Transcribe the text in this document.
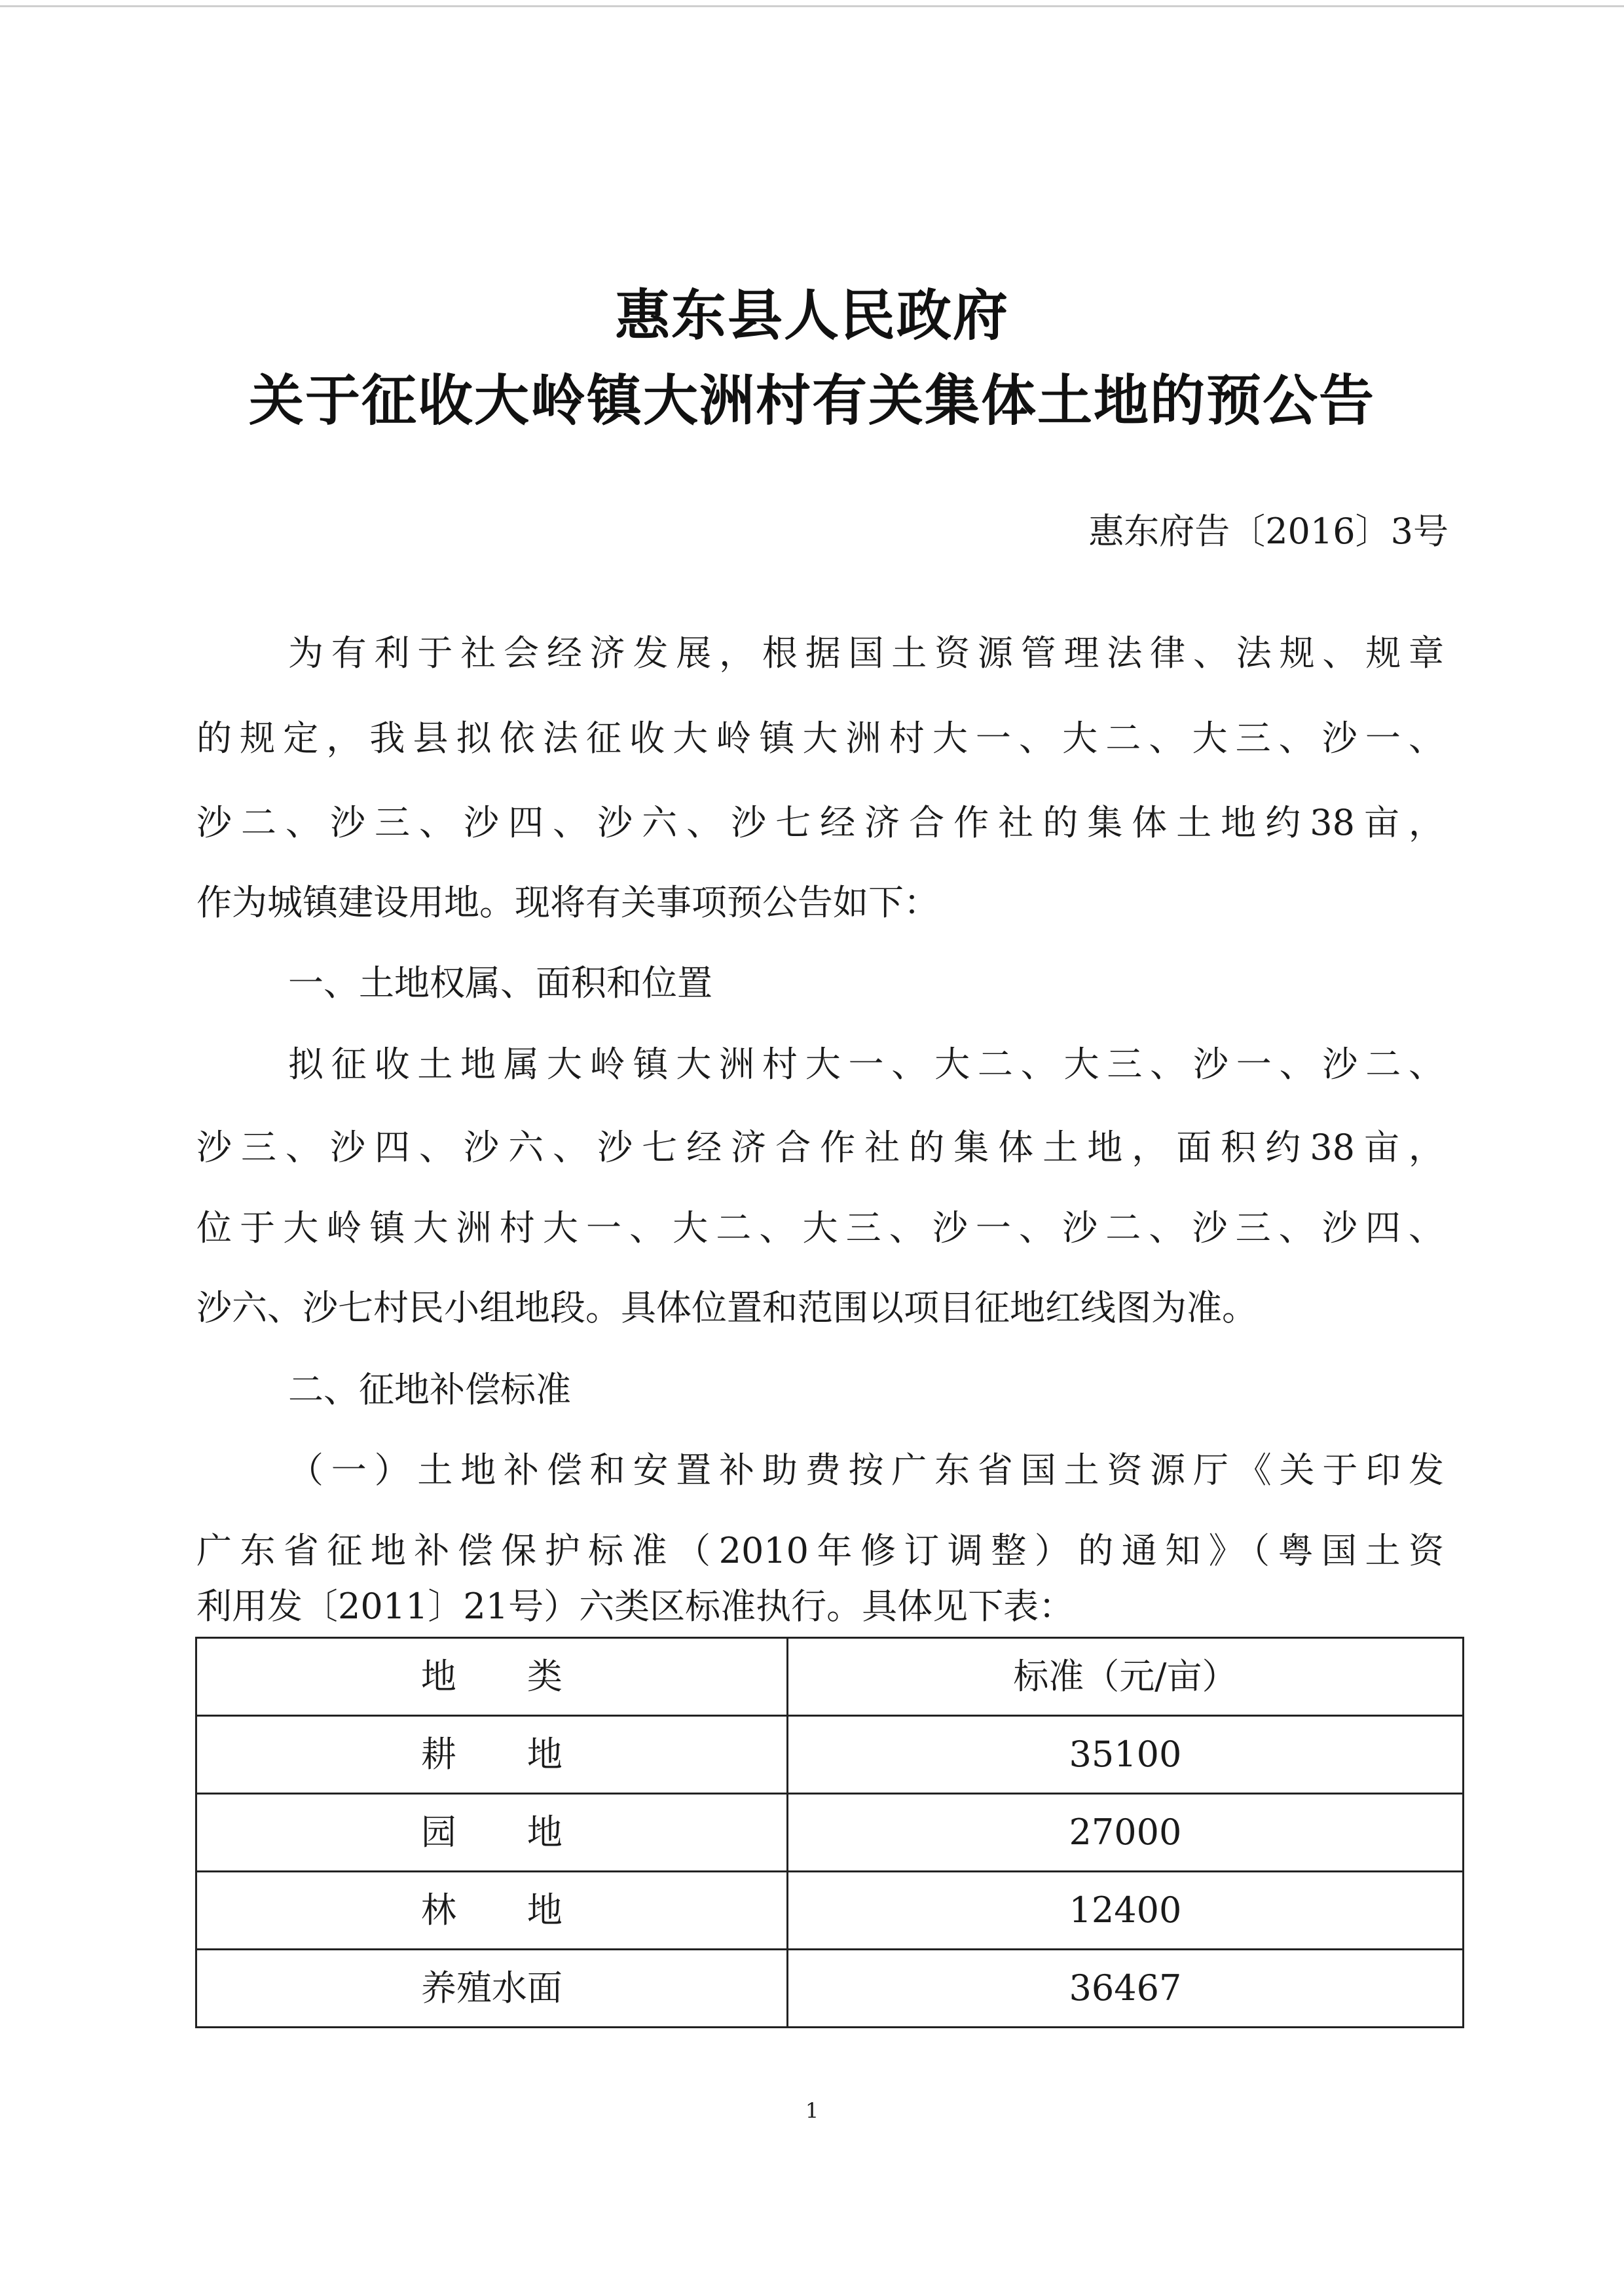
惠东县人民政府
关于征收大岭镇大洲村有关集体土地的预公告
惠东府告〔2016〕3号
为有利于社会经济发展，根据国土资源管理法律、法规、规章
的规定，我县拟依法征收大岭镇大洲村大一、大二、大三、沙一、
沙二、沙三、沙四、沙六、沙七经济合作社的集体土地约38亩，
作为城镇建设用地。现将有关事项预公告如下：
一、土地权属、面积和位置
拟征收土地属大岭镇大洲村大一、大二、大三、沙一、沙二、
沙三、沙四、沙六、沙七经济合作社的集体土地，面积约38亩，
位于大岭镇大洲村大一、大二、大三、沙一、沙二、沙三、沙四、
沙六、沙七村民小组地段。具体位置和范围以项目征地红线图为准。
二、征地补偿标准
（一）土地补偿和安置补助费按广东省国土资源厅《关于印发
广东省征地补偿保护标准（2010年修订调整）的通知》（粤国土资
利用发〔2011〕21号）六类区标准执行。具体见下表：
地　　类	标准（元/亩）
耕　　地	35100
园　　地	27000
林　　地	12400
养殖水面	36467
1
